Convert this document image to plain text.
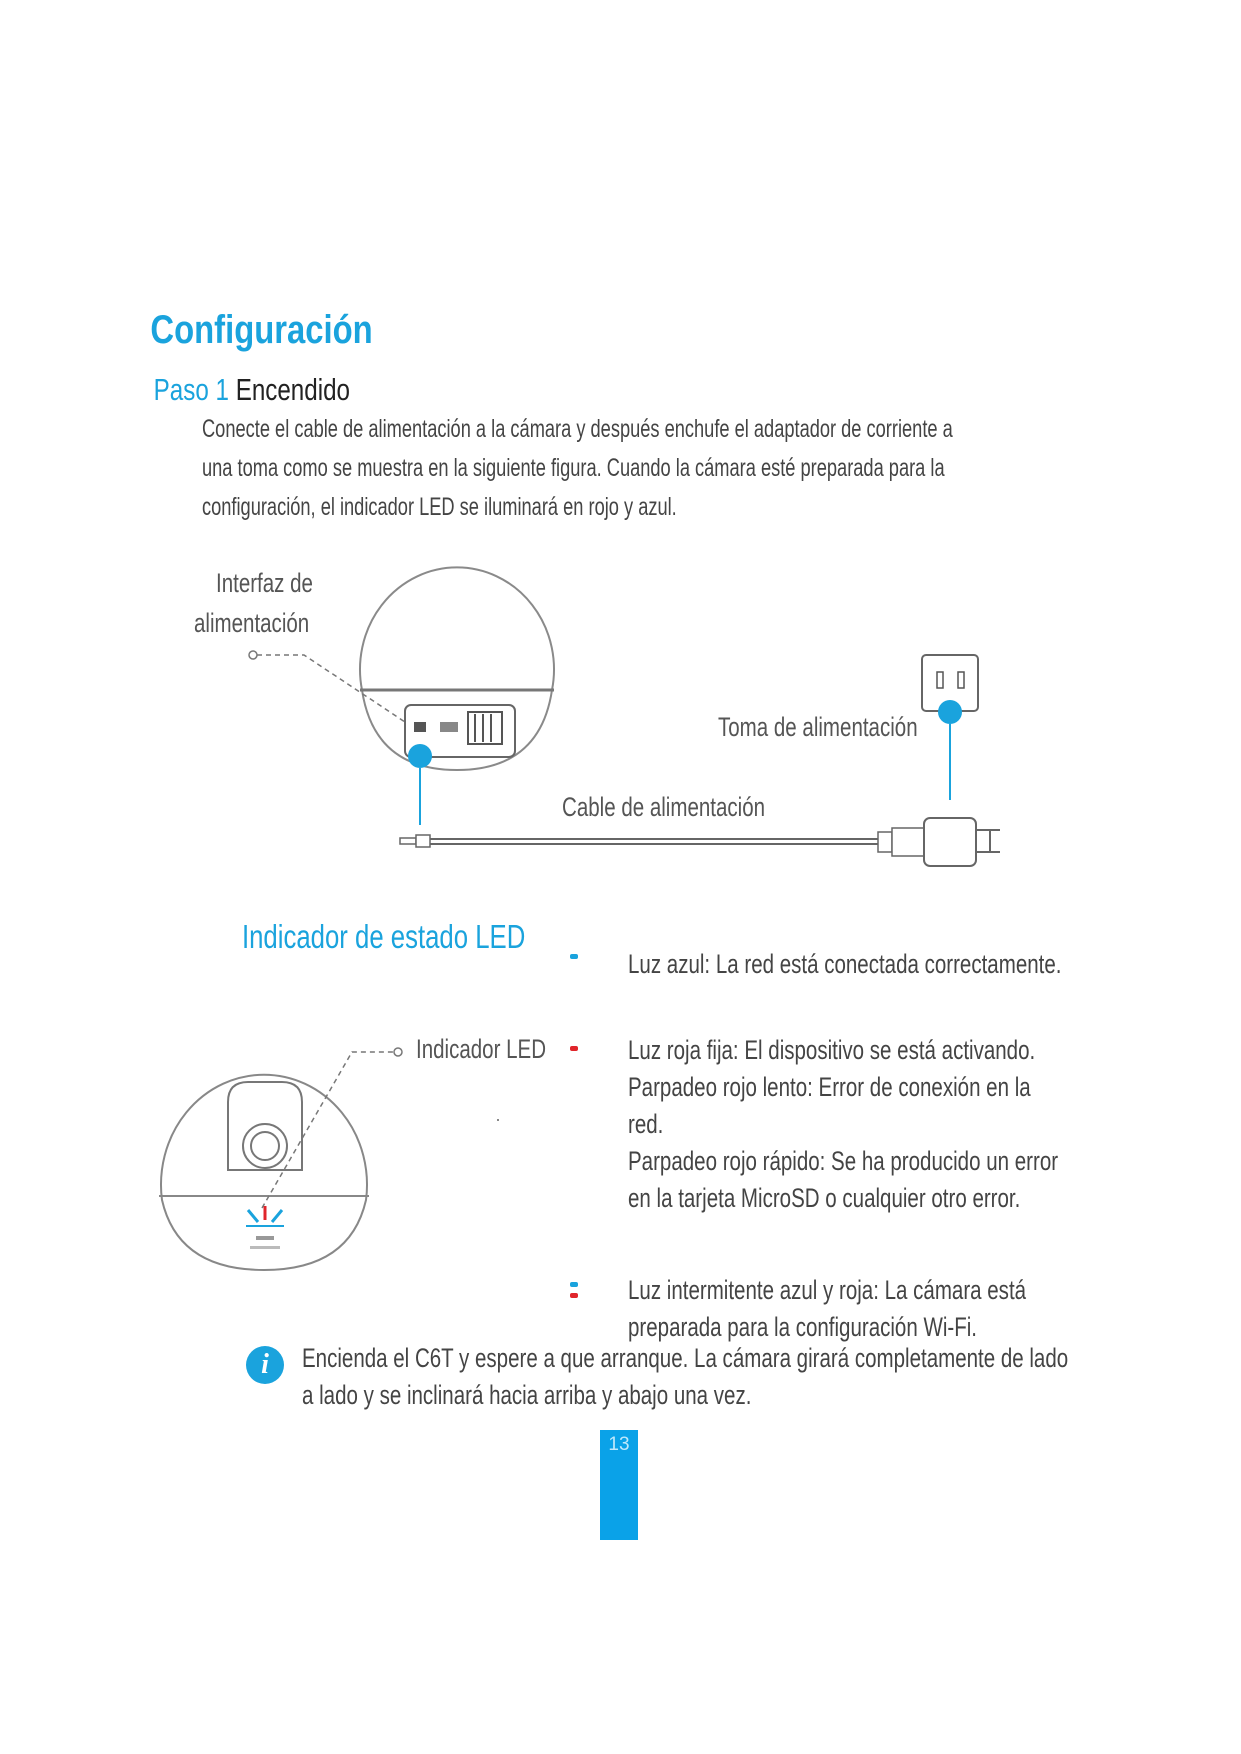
Configuración
Paso 1 Encendido
Conecte el cable de alimentación a la cámara y después enchufe el adaptador de corriente a
una toma como se muestra en la siguiente figura. Cuando la cámara esté preparada para la
configuración, el indicador LED se iluminará en rojo y azul.
Interfaz de
alimentación
Toma de alimentación
Cable de alimentación
Indicador de estado LED
Indicador LED
Luz azul: La red está conectada correctamente.
Luz roja fija: El dispositivo se está activando.
Parpadeo rojo lento: Error de conexión en la
red.
Parpadeo rojo rápido: Se ha producido un error
en la tarjeta MicroSD o cualquier otro error.
Luz intermitente azul y roja: La cámara está
preparada para la configuración Wi-Fi.
i	Encienda el C6T y espere a que arranque. La cámara girará completamente de lado
a lado y se inclinará hacia arriba y abajo una vez.
13
